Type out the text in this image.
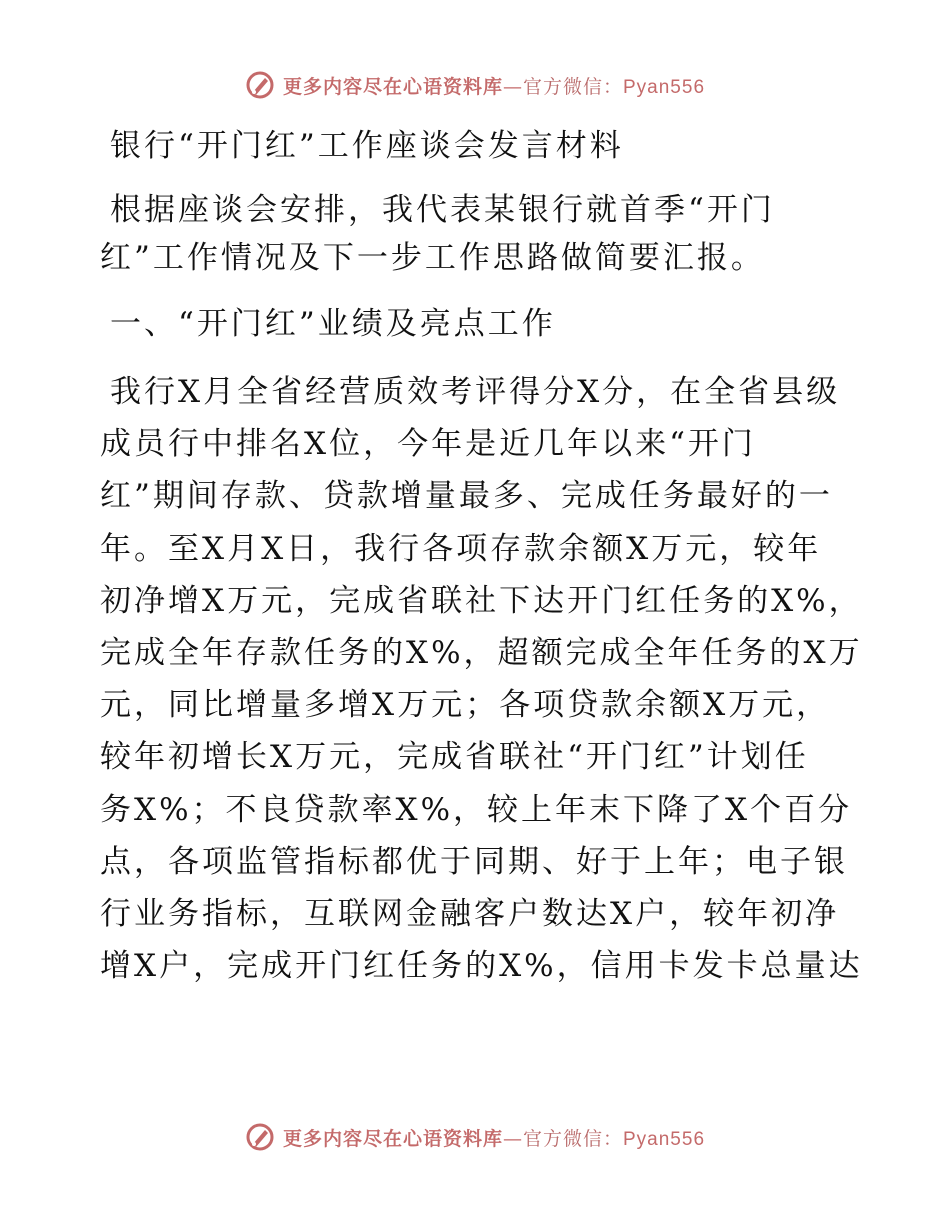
更多内容尽在心语资料库—官方微信：Pyan556
银行“开门红”工作座谈会发言材料
根据座谈会安排，我代表某银行就首季“开门
红”工作情况及下一步工作思路做简要汇报。
一、“开门红”业绩及亮点工作
我行X月全省经营质效考评得分X分，在全省县级
成员行中排名X位，今年是近几年以来“开门
红”期间存款、贷款增量最多、完成任务最好的一
年。至X月X日，我行各项存款余额X万元，较年
初净增X万元，完成省联社下达开门红任务的X%，
完成全年存款任务的X%，超额完成全年任务的X万
元，同比增量多增X万元；各项贷款余额X万元，
较年初增长X万元，完成省联社“开门红”计划任
务X%；不良贷款率X%，较上年末下降了X个百分
点，各项监管指标都优于同期、好于上年；电子银
行业务指标，互联网金融客户数达X户，较年初净
增X户，完成开门红任务的X%，信用卡发卡总量达
更多内容尽在心语资料库—官方微信：Pyan556
